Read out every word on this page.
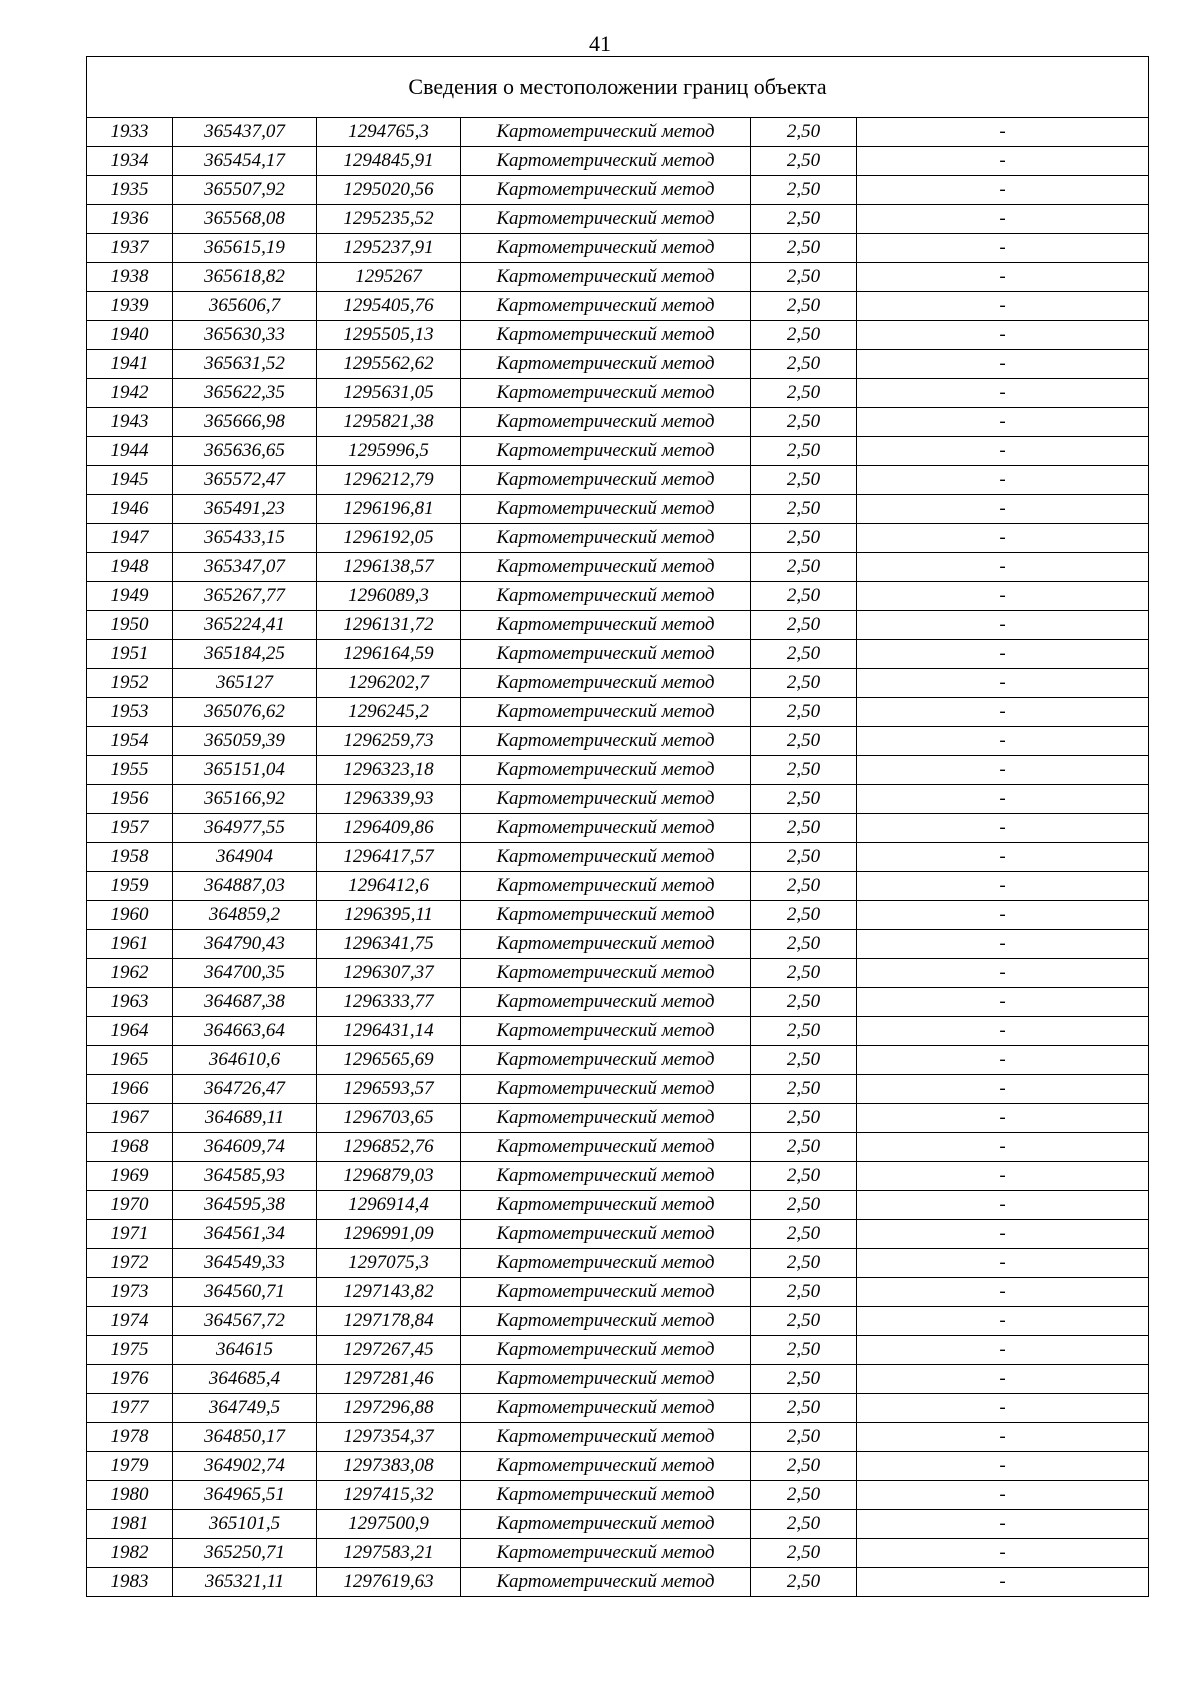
41
Сведения о местоположении границ объекта					
1933	365437,07	1294765,3	Картометрический метод	2,50	-
1934	365454,17	1294845,91	Картометрический метод	2,50	-
1935	365507,92	1295020,56	Картометрический метод	2,50	-
1936	365568,08	1295235,52	Картометрический метод	2,50	-
1937	365615,19	1295237,91	Картометрический метод	2,50	-
1938	365618,82	1295267	Картометрический метод	2,50	-
1939	365606,7	1295405,76	Картометрический метод	2,50	-
1940	365630,33	1295505,13	Картометрический метод	2,50	-
1941	365631,52	1295562,62	Картометрический метод	2,50	-
1942	365622,35	1295631,05	Картометрический метод	2,50	-
1943	365666,98	1295821,38	Картометрический метод	2,50	-
1944	365636,65	1295996,5	Картометрический метод	2,50	-
1945	365572,47	1296212,79	Картометрический метод	2,50	-
1946	365491,23	1296196,81	Картометрический метод	2,50	-
1947	365433,15	1296192,05	Картометрический метод	2,50	-
1948	365347,07	1296138,57	Картометрический метод	2,50	-
1949	365267,77	1296089,3	Картометрический метод	2,50	-
1950	365224,41	1296131,72	Картометрический метод	2,50	-
1951	365184,25	1296164,59	Картометрический метод	2,50	-
1952	365127	1296202,7	Картометрический метод	2,50	-
1953	365076,62	1296245,2	Картометрический метод	2,50	-
1954	365059,39	1296259,73	Картометрический метод	2,50	-
1955	365151,04	1296323,18	Картометрический метод	2,50	-
1956	365166,92	1296339,93	Картометрический метод	2,50	-
1957	364977,55	1296409,86	Картометрический метод	2,50	-
1958	364904	1296417,57	Картометрический метод	2,50	-
1959	364887,03	1296412,6	Картометрический метод	2,50	-
1960	364859,2	1296395,11	Картометрический метод	2,50	-
1961	364790,43	1296341,75	Картометрический метод	2,50	-
1962	364700,35	1296307,37	Картометрический метод	2,50	-
1963	364687,38	1296333,77	Картометрический метод	2,50	-
1964	364663,64	1296431,14	Картометрический метод	2,50	-
1965	364610,6	1296565,69	Картометрический метод	2,50	-
1966	364726,47	1296593,57	Картометрический метод	2,50	-
1967	364689,11	1296703,65	Картометрический метод	2,50	-
1968	364609,74	1296852,76	Картометрический метод	2,50	-
1969	364585,93	1296879,03	Картометрический метод	2,50	-
1970	364595,38	1296914,4	Картометрический метод	2,50	-
1971	364561,34	1296991,09	Картометрический метод	2,50	-
1972	364549,33	1297075,3	Картометрический метод	2,50	-
1973	364560,71	1297143,82	Картометрический метод	2,50	-
1974	364567,72	1297178,84	Картометрический метод	2,50	-
1975	364615	1297267,45	Картометрический метод	2,50	-
1976	364685,4	1297281,46	Картометрический метод	2,50	-
1977	364749,5	1297296,88	Картометрический метод	2,50	-
1978	364850,17	1297354,37	Картометрический метод	2,50	-
1979	364902,74	1297383,08	Картометрический метод	2,50	-
1980	364965,51	1297415,32	Картометрический метод	2,50	-
1981	365101,5	1297500,9	Картометрический метод	2,50	-
1982	365250,71	1297583,21	Картометрический метод	2,50	-
1983	365321,11	1297619,63	Картометрический метод	2,50	-
